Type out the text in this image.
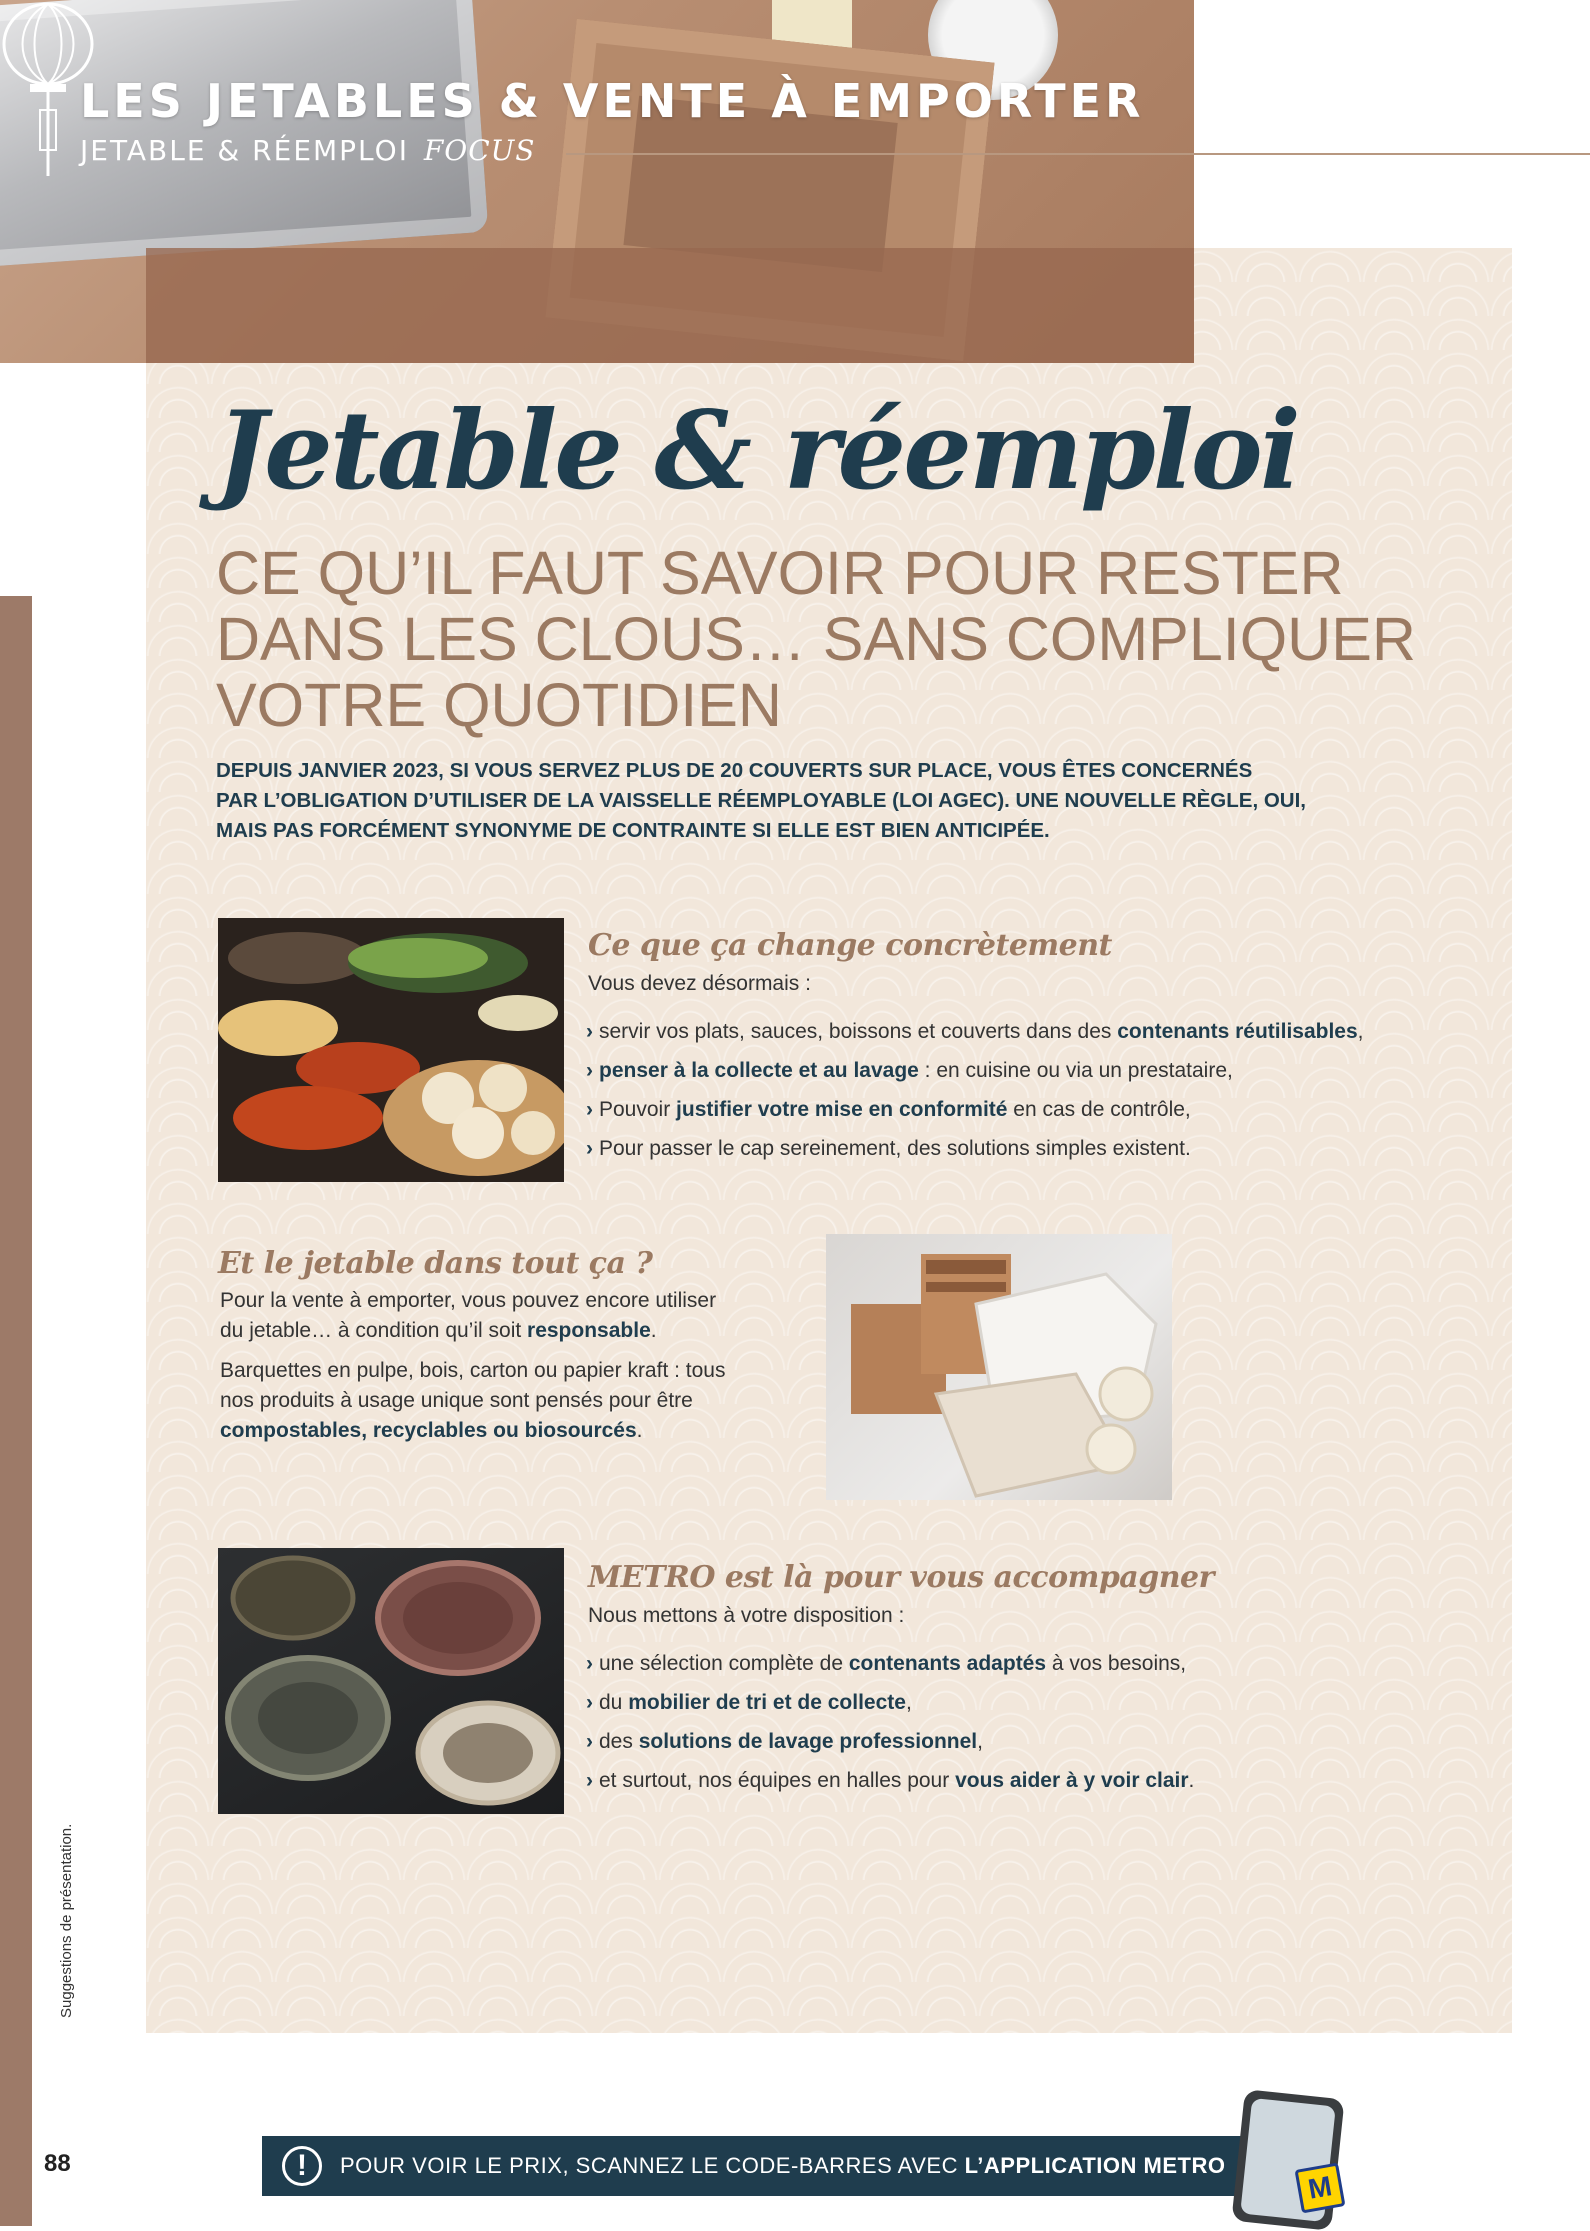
LES JETABLES & VENTE À EMPORTER
JETABLE & RÉEMPLOI FOCUS
Suggestions de présentation.
Jetable & réemploi

CE QU’IL FAUT SAVOIR POUR RESTER DANS LES CLOUS… SANS COMPLIQUER VOTRE QUOTIDIEN

DEPUIS JANVIER 2023, SI VOUS SERVEZ PLUS DE 20 COUVERTS SUR PLACE, VOUS ÊTES CONCERNÉS
PAR L’OBLIGATION D’UTILISER DE LA VAISSELLE RÉEMPLOYABLE (LOI AGEC). UNE NOUVELLE RÈGLE, OUI,
MAIS PAS FORCÉMENT SYNONYME DE CONTRAINTE SI ELLE EST BIEN ANTICIPÉE.
Ce que ça change concrètement
Vous devez désormais :
› servir vos plats, sauces, boissons et couverts dans des contenants réutilisables,
› penser à la collecte et au lavage : en cuisine ou via un prestataire,
› Pouvoir justifier votre mise en conformité en cas de contrôle,
› Pour passer le cap sereinement, des solutions simples existent.
Et le jetable dans tout ça ?
Pour la vente à emporter, vous pouvez encore utiliser
du jetable… à condition qu’il soit responsable.
Barquettes en pulpe, bois, carton ou papier kraft : tous
nos produits à usage unique sont pensés pour être
compostables, recyclables ou biosourcés.
METRO est là pour vous accompagner
Nous mettons à votre disposition :
› une sélection complète de contenants adaptés à vos besoins,
› du mobilier de tri et de collecte,
› des solutions de lavage professionnel,
› et surtout, nos équipes en halles pour vous aider à y voir clair.
88	!	POUR VOIR LE PRIX, SCANNEZ LE CODE-BARRES AVEC L’APPLICATION METRO
M
